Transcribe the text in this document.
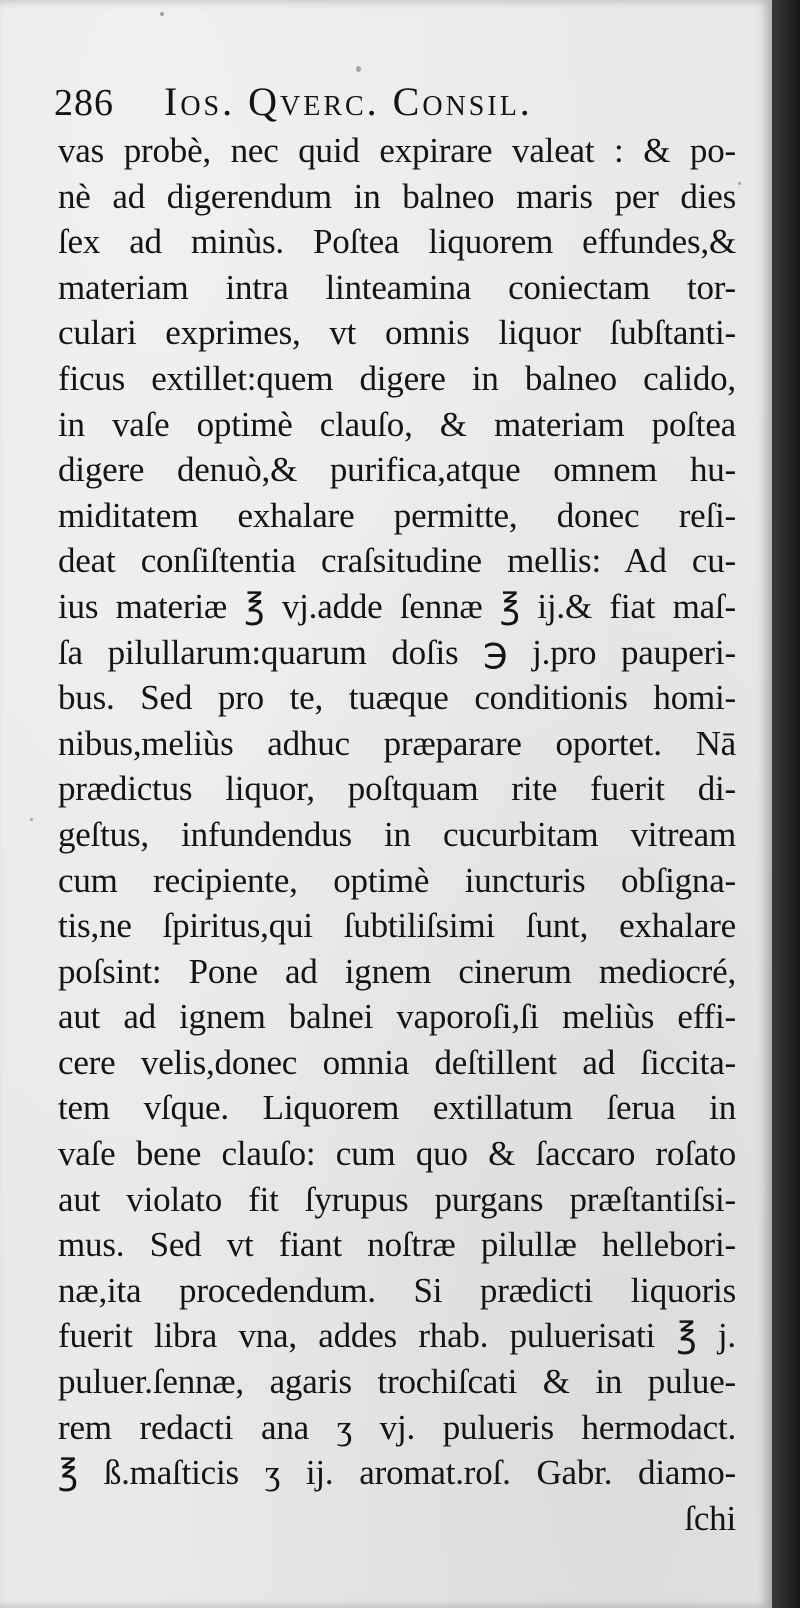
286 Ios. Qverc. Consil.
vas probè, nec quid expirare valeat : & po-
nè ad digerendum in balneo maris per dies
ſex ad minùs. Poſtea liquorem effundes,&
materiam intra linteamina coniectam tor-
culari exprimes, vt omnis liquor ſubſtanti-
ficus extillet:quem digere in balneo calido,
in vaſe optimè clauſo, & materiam poſtea
digere denuò,& purifica,atque omnem hu-
miditatem exhalare permitte, donec reſi-
deat conſiſtentia craſsitudine mellis: Ad cu-
ius materiæ ℥ vj.adde ſennæ ℥ ij.& fiat maſ-
ſa pilullarum:quarum doſis ℈ j.pro pauperi-
bus. Sed pro te, tuæque conditionis homi-
nibus,meliùs adhuc præparare oportet. Nā
prædictus liquor, poſtquam rite fuerit di-
geſtus, infundendus in cucurbitam vitream
cum recipiente, optimè iuncturis obſigna-
tis,ne ſpiritus,qui ſubtiliſsimi ſunt, exhalare
poſsint: Pone ad ignem cinerum mediocré,
aut ad ignem balnei vaporoſi,ſi meliùs effi-
cere velis,donec omnia deſtillent ad ſiccita-
tem vſque. Liquorem extillatum ſerua in
vaſe bene clauſo: cum quo & ſaccaro roſato
aut violato fit ſyrupus purgans præſtantiſsi-
mus. Sed vt fiant noſtræ pilullæ hellebori-
næ,ita procedendum. Si prædicti liquoris
fuerit libra vna, addes rhab. puluerisati ℥ j.
puluer.ſennæ, agaris trochiſcati & in pulue-
rem redacti ana ʒ vj. pulueris hermodact.
℥ ß.maſticis ʒ ij. aromat.roſ. Gabr. diamo-
ſchi
